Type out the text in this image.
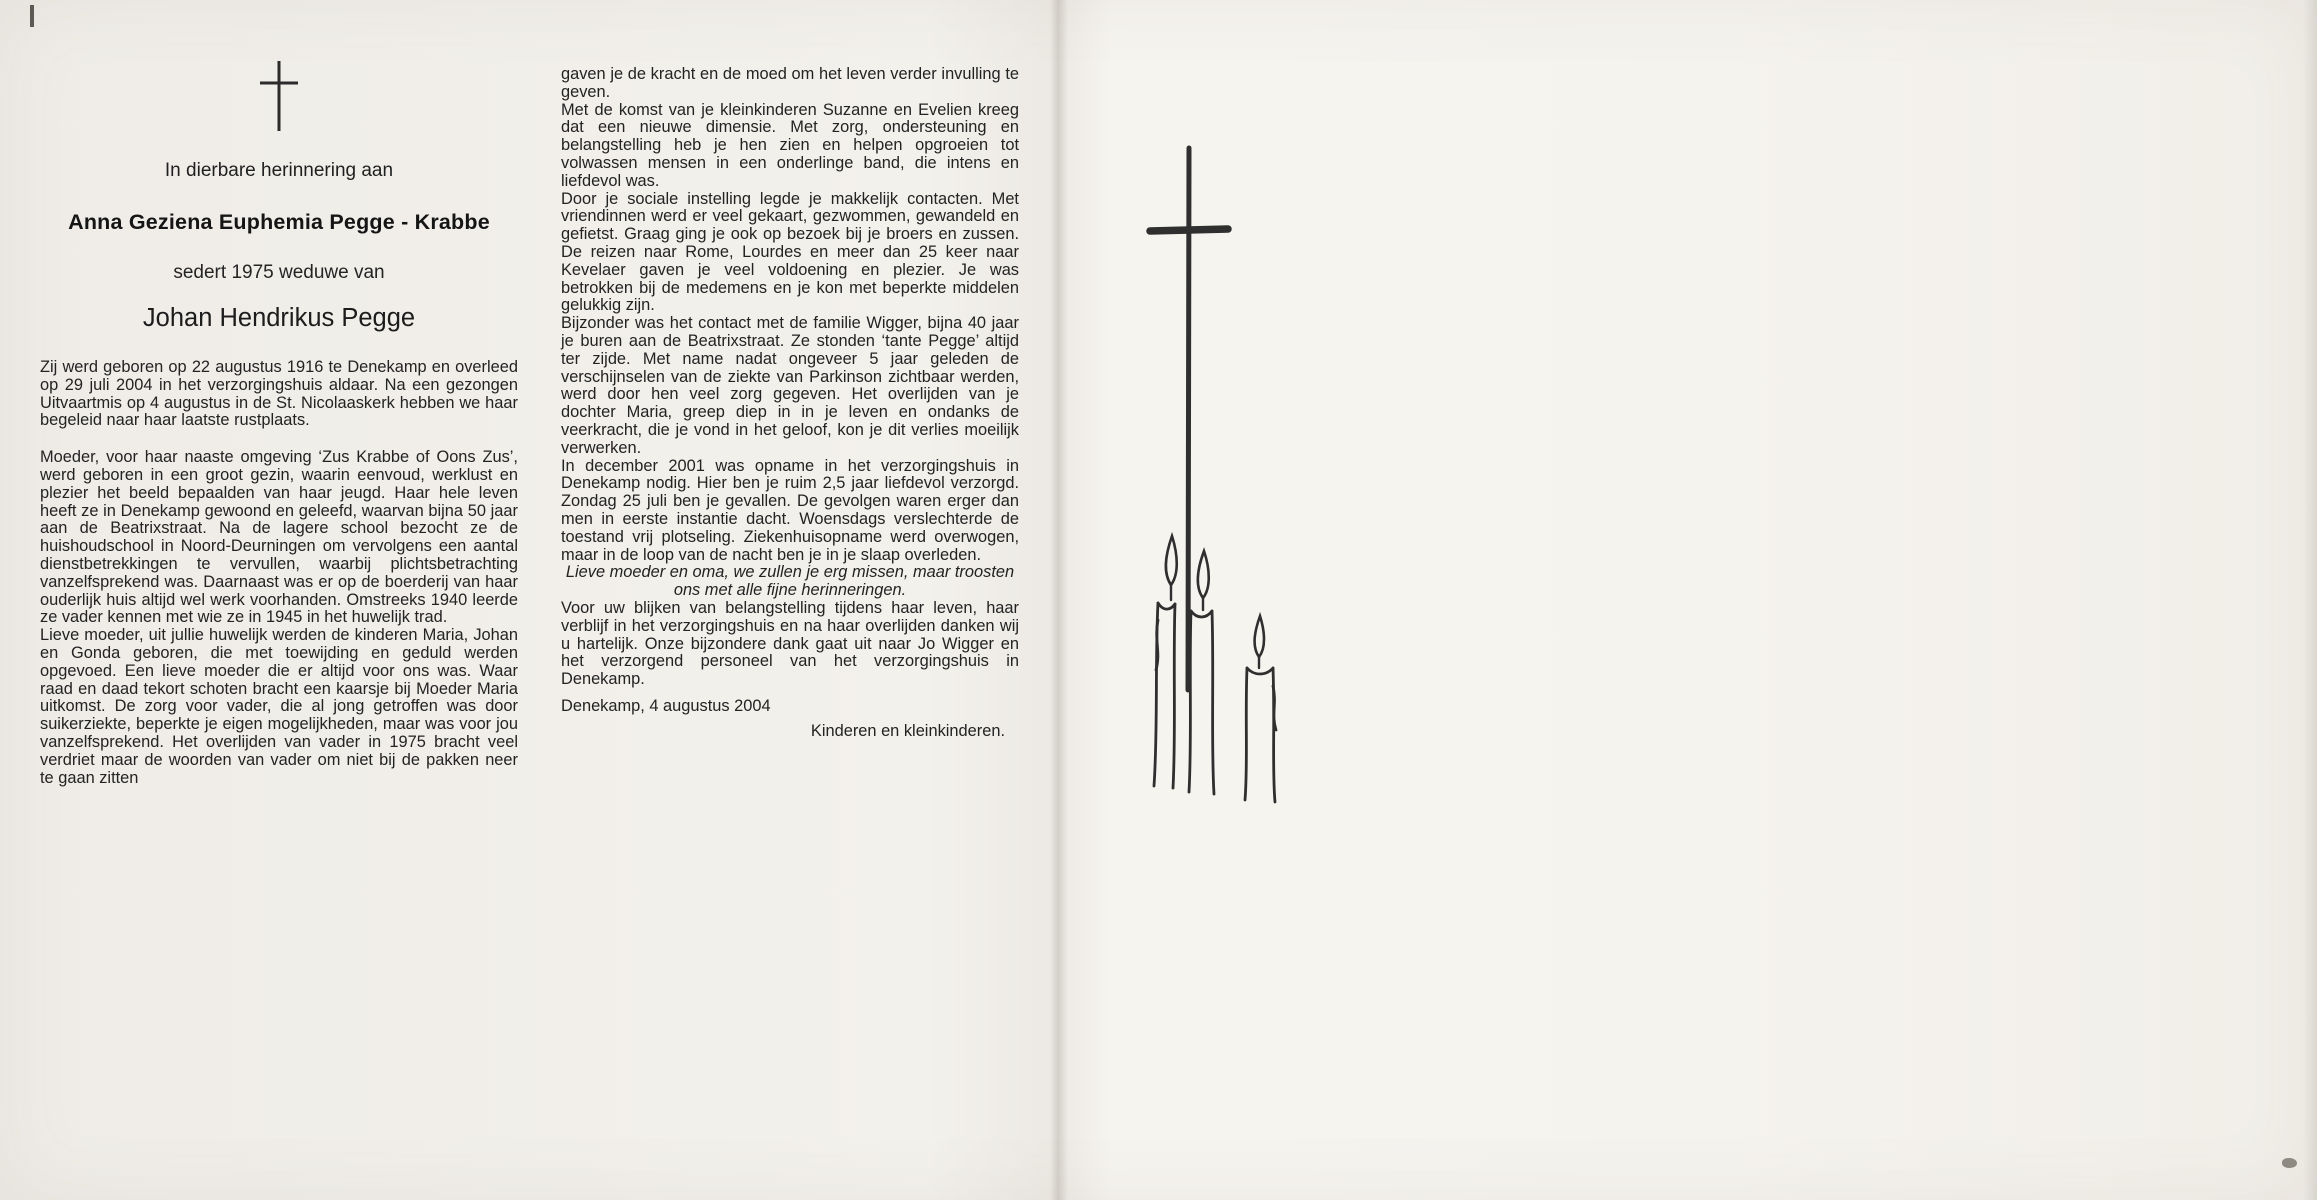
In dierbare herinnering aan
Anna Geziena Euphemia Pegge - Krabbe
sedert 1975 weduwe van
Johan Hendrikus Pegge

Zij werd geboren op 22 augustus 1916 te Denekamp en overleed op 29 juli 2004 in het verzorgingshuis aldaar. Na een gezongen Uitvaartmis op 4 augustus in de St. Nicolaaskerk hebben we haar begeleid naar haar laatste rustplaats.

Moeder, voor haar naaste omgeving ‘Zus Krabbe of Oons Zus’, werd geboren in een groot gezin, waarin eenvoud, werklust en plezier het beeld bepaalden van haar jeugd. Haar hele leven heeft ze in Denekamp gewoond en geleefd, waarvan bijna 50 jaar aan de Beatrixstraat. Na de lagere school bezocht ze de huishoudschool in Noord-Deurningen om vervolgens een aantal dienstbetrekkingen te vervullen, waarbij plichtsbetrachting vanzelfsprekend was. Daarnaast was er op de boerderij van haar ouderlijk huis altijd wel werk voorhanden. Omstreeks 1940 leerde ze vader kennen met wie ze in 1945 in het huwelijk trad.

Lieve moeder, uit jullie huwelijk werden de kinderen Maria, Johan en Gonda geboren, die met toewijding en geduld werden opgevoed. Een lieve moeder die er altijd voor ons was. Waar raad en daad tekort schoten bracht een kaarsje bij Moeder Maria uitkomst. De zorg voor vader, die al jong getroffen was door suikerziekte, beperkte je eigen mogelijkheden, maar was voor jou vanzelfsprekend. Het overlijden van vader in 1975 bracht veel verdriet maar de woorden van vader om niet bij de pakken neer te gaan zitten

gaven je de kracht en de moed om het leven verder invulling te geven.

Met de komst van je kleinkinderen Suzanne en Evelien kreeg dat een nieuwe dimensie. Met zorg, ondersteuning en belangstelling heb je hen zien en helpen opgroeien tot volwassen mensen in een onderlinge band, die intens en liefdevol was.

Door je sociale instelling legde je makkelijk contacten. Met vriendinnen werd er veel gekaart, gezwommen, gewandeld en gefietst. Graag ging je ook op bezoek bij je broers en zussen. De reizen naar Rome, Lourdes en meer dan 25 keer naar Kevelaer gaven je veel voldoening en plezier. Je was betrokken bij de medemens en je kon met beperkte middelen gelukkig zijn.

Bijzonder was het contact met de familie Wigger, bijna 40 jaar je buren aan de Beatrixstraat. Ze stonden ‘tante Pegge’ altijd ter zijde. Met name nadat ongeveer 5 jaar geleden de verschijnselen van de ziekte van Parkinson zichtbaar werden, werd door hen veel zorg gegeven. Het overlijden van je dochter Maria, greep diep in in je leven en ondanks de veerkracht, die je vond in het geloof, kon je dit verlies moeilijk verwerken.

In december 2001 was opname in het verzorgingshuis in Denekamp nodig. Hier ben je ruim 2,5 jaar liefdevol verzorgd. Zondag 25 juli ben je gevallen. De gevolgen waren erger dan men in eerste instantie dacht. Woensdags verslechterde de toestand vrij plotseling. Ziekenhuisopname werd overwogen, maar in de loop van de nacht ben je in je slaap overleden.

Lieve moeder en oma, we zullen je erg missen, maar troosten ons met alle fijne herinneringen.

Voor uw blijken van belangstelling tijdens haar leven, haar verblijf in het verzorgingshuis en na haar overlijden danken wij u hartelijk. Onze bijzondere dank gaat uit naar Jo Wigger en het verzorgend personeel van het verzorgingshuis in Denekamp.

Denekamp, 4 augustus 2004

Kinderen en kleinkinderen.
